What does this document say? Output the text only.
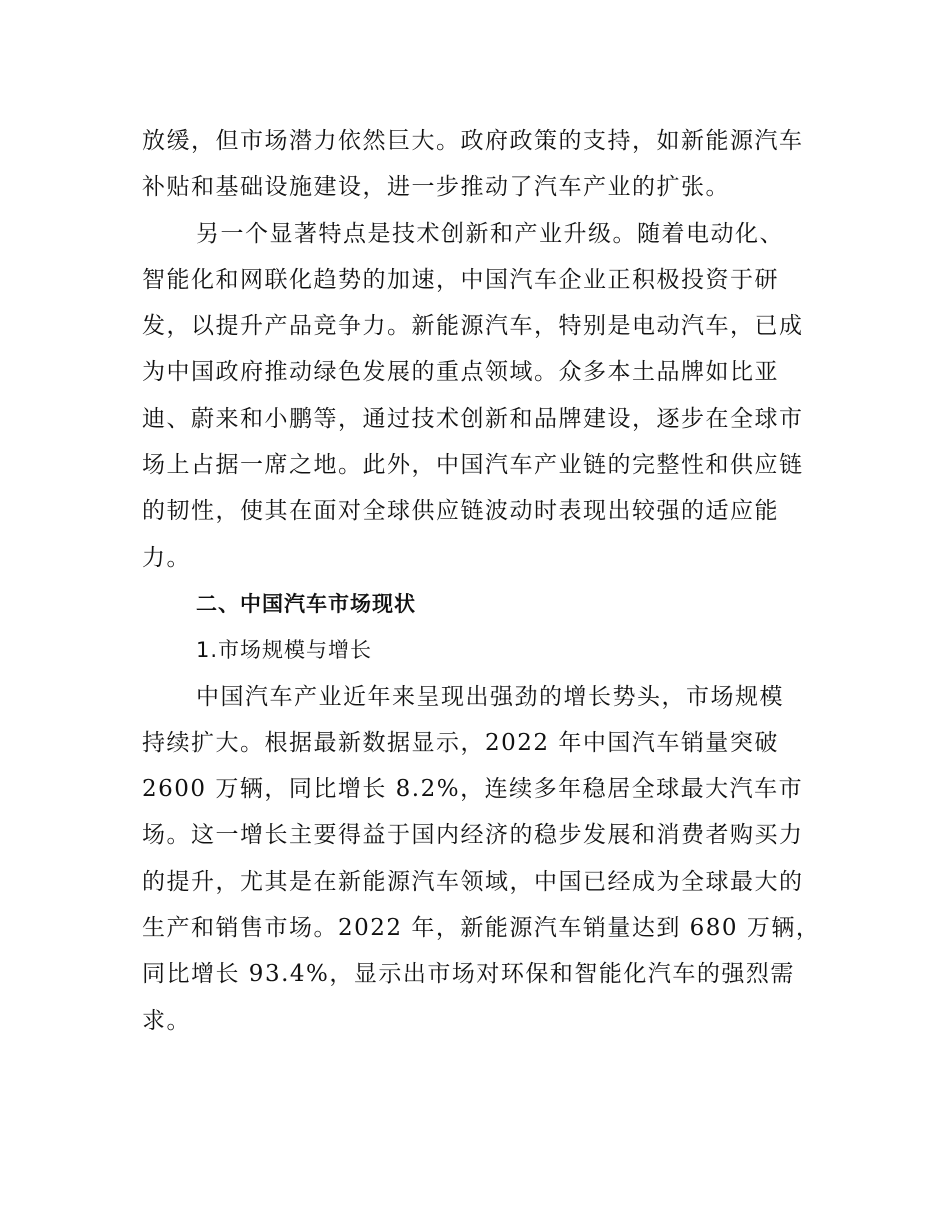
放缓，但市场潜力依然巨大。政府政策的支持，如新能源汽车
补贴和基础设施建设，进一步推动了汽车产业的扩张。
另一个显著特点是技术创新和产业升级。随着电动化、
智能化和网联化趋势的加速，中国汽车企业正积极投资于研
发，以提升产品竞争力。新能源汽车，特别是电动汽车，已成
为中国政府推动绿色发展的重点领域。众多本土品牌如比亚
迪、蔚来和小鹏等，通过技术创新和品牌建设，逐步在全球市
场上占据一席之地。此外，中国汽车产业链的完整性和供应链
的韧性，使其在面对全球供应链波动时表现出较强的适应能
力。
二、中国汽车市场现状
1.市场规模与增长
中国汽车产业近年来呈现出强劲的增长势头，市场规模
持续扩大。根据最新数据显示，2022 年中国汽车销量突破
2600 万辆，同比增长 8.2%，连续多年稳居全球最大汽车市
场。这一增长主要得益于国内经济的稳步发展和消费者购买力
的提升，尤其是在新能源汽车领域，中国已经成为全球最大的
生产和销售市场。2022 年，新能源汽车销量达到 680 万辆，
同比增长 93.4%，显示出市场对环保和智能化汽车的强烈需
求。
